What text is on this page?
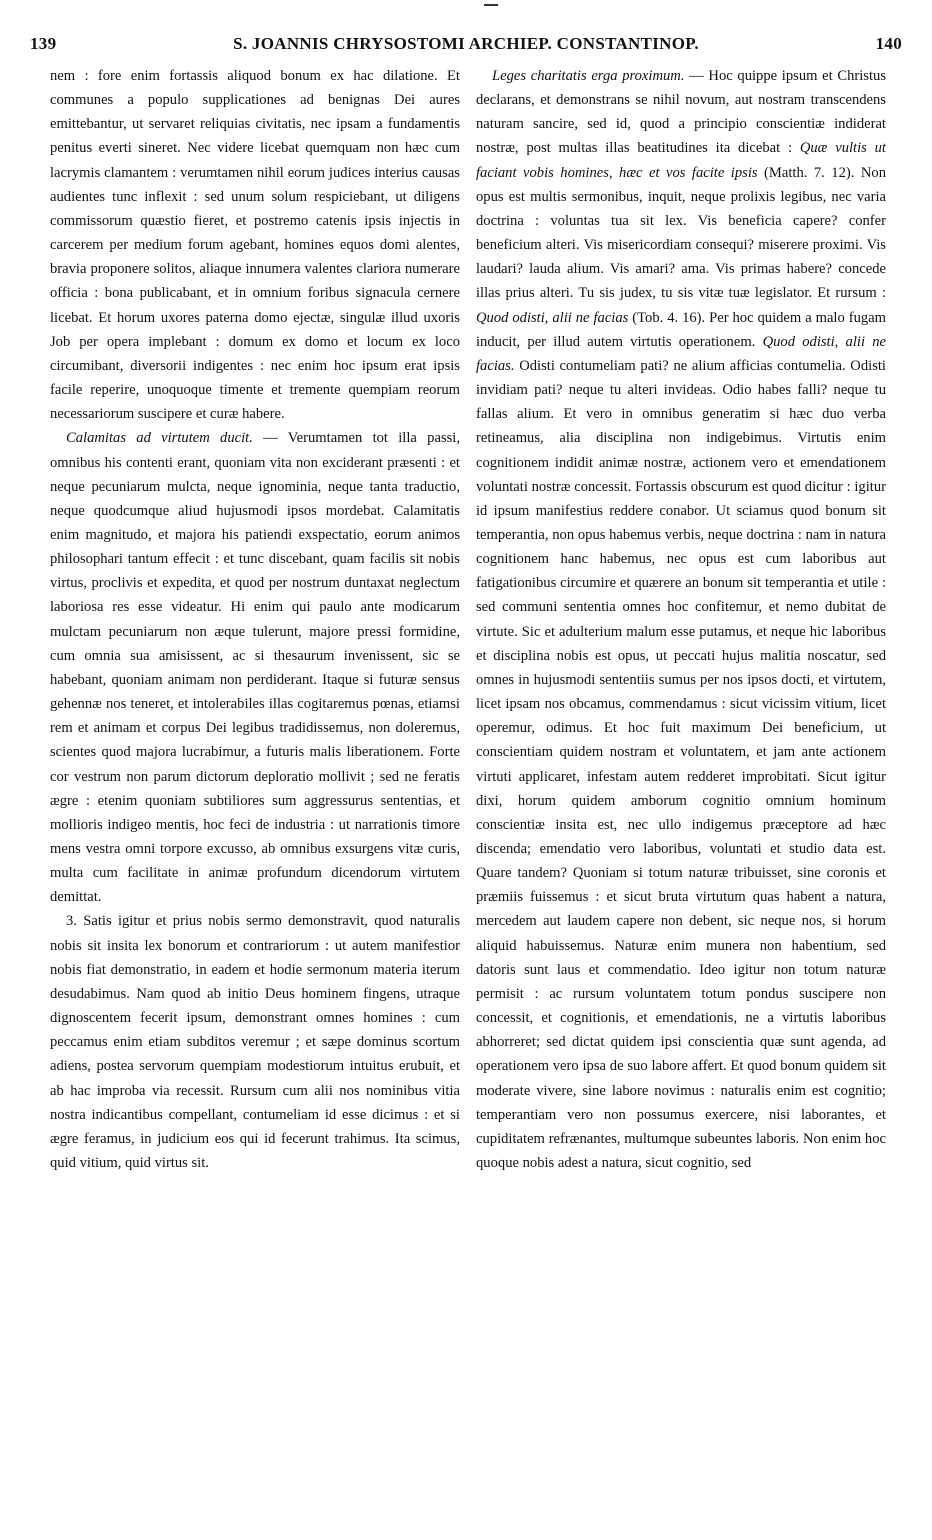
139	S. JOANNIS CHRYSOSTOMI ARCHIEP. CONSTANTINOP.	140

nem : fore enim fortassis aliquod bonum ex hac dilatione. Et communes a populo supplicationes ad benignas Dei aures emittebantur, ut servaret reliquias civitatis, nec ipsam a fundamentis penitus everti sineret. Nec videre licebat quemquam non hæc cum lacrymis clamantem : verumtamen nihil eorum judices interius causas audientes tunc inflexit : sed unum solum respiciebant, ut diligens commissorum quæstio fieret, et postremo catenis ipsis injectis in carcerem per medium forum agebant, homines equos domi alentes, bravia proponere solitos, aliaque innumera valentes clariora numerare officia : bona publicabant, et in omnium foribus signacula cernere licebat. Et horum uxores paterna domo ejectæ, singulæ illud uxoris Job per opera implebant : domum ex domo et locum ex loco circumibant, diversorii indigentes : nec enim hoc ipsum erat ipsis facile reperire, unoquoque timente et tremente quempiam reorum necessariorum suscipere et curæ habere.

Calamitas ad virtutem ducit. — Verumtamen tot illa passi, omnibus his contenti erant, quoniam vita non exciderant præsenti : et neque pecuniarum mulcta, neque ignominia, neque tanta traductio, neque quodcumque aliud hujusmodi ipsos mordebat. Calamitatis enim magnitudo, et majora his patiendi exspectatio, eorum animos philosophari tantum effecit : et tunc discebant, quam facilis sit nobis virtus, proclivis et expedita, et quod per nostrum duntaxat neglectum laboriosa res esse videatur. Hi enim qui paulo ante modicarum mulctam pecuniarum non æque tulerunt, majore pressi formidine, cum omnia sua amisissent, ac si thesaurum invenissent, sic se habebant, quoniam animam non perdiderant. Itaque si futuræ sensus gehennæ nos teneret, et intolerabiles illas cogitaremus pœnas, etiamsi rem et animam et corpus Dei legibus tradidissemus, non doleremus, scientes quod majora lucrabimur, a futuris malis liberationem. Forte cor vestrum non parum dictorum deploratio mollivit ; sed ne feratis ægre : etenim quoniam subtiliores sum aggressurus sententias, et mollioris indigeo mentis, hoc feci de industria : ut narrationis timore mens vestra omni torpore excusso, ab omnibus exsurgens vitæ curis, multa cum facilitate in animæ profundum dicendorum virtutem demittat.

3. Satis igitur et prius nobis sermo demonstravit, quod naturalis nobis sit insita lex bonorum et contrariorum : ut autem manifestior nobis fiat demonstratio, in eadem et hodie sermonum materia iterum desudabimus. Nam quod ab initio Deus hominem fingens, utraque dignoscentem fecerit ipsum, demonstrant omnes homines : cum peccamus enim etiam subditos veremur ; et sæpe dominus scortum adiens, postea servorum quempiam modestiorum intuitus erubuit, et ab hac improba via recessit. Rursum cum alii nos nominibus vitia nostra indicantibus compellant, contumeliam id esse dicimus : et si ægre feramus, in judicium eos qui id fecerunt trahimus. Ita scimus, quid vitium, quid virtus sit.

Leges charitatis erga proximum. — Hoc quippe ipsum et Christus declarans, et demonstrans se nihil novum, aut nostram transcendens naturam sancire, sed id, quod a principio conscientiæ indiderat nostræ, post multas illas beatitudines ita dicebat : Quæ vultis ut faciant vobis homines, hæc et vos facite ipsis (Matth. 7. 12). Non opus est multis sermonibus, inquit, neque prolixis legibus, nec varia doctrina : voluntas tua sit lex. Vis beneficia capere? confer beneficium alteri. Vis misericordiam consequi? miserere proximi. Vis laudari? lauda alium. Vis amari? ama. Vis primas habere? concede illas prius alteri. Tu sis judex, tu sis vitæ tuæ legislator. Et rursum : Quod odisti, alii ne facias (Tob. 4. 16). Per hoc quidem a malo fugam inducit, per illud autem virtutis operationem. Quod odisti, alii ne facias. Odisti contumeliam pati? ne alium afficias contumelia. Odisti invidiam pati? neque tu alteri invideas. Odio habes falli? neque tu fallas alium. Et vero in omnibus generatim si hæc duo verba retineamus, alia disciplina non indigebimus. Virtutis enim cognitionem indidit animæ nostræ, actionem vero et emendationem voluntati nostræ concessit. Fortassis obscurum est quod dicitur : igitur id ipsum manifestius reddere conabor. Ut sciamus quod bonum sit temperantia, non opus habemus verbis, neque doctrina : nam in natura cognitionem hanc habemus, nec opus est cum laboribus aut fatigationibus circumire et quærere an bonum sit temperantia et utile : sed communi sententia omnes hoc confitemur, et nemo dubitat de virtute. Sic et adulterium malum esse putamus, et neque hic laboribus et disciplina nobis est opus, ut peccati hujus malitia noscatur, sed omnes in hujusmodi sententiis sumus per nos ipsos docti, et virtutem, licet ipsam nos obcamus, commendamus : sicut vicissim vitium, licet operemur, odimus. Et hoc fuit maximum Dei beneficium, ut conscientiam quidem nostram et voluntatem, et jam ante actionem virtuti applicaret, infestam autem redderet improbitati. Sicut igitur dixi, horum quidem amborum cognitio omnium hominum conscientiæ insita est, nec ullo indigemus præceptore ad hæc discenda; emendatio vero laboribus, voluntati et studio data est. Quare tandem? Quoniam si totum naturæ tribuisset, sine coronis et præmiis fuissemus : et sicut bruta virtutum quas habent a natura, mercedem aut laudem capere non debent, sic neque nos, si horum aliquid habuissemus. Naturæ enim munera non habentium, sed datoris sunt laus et commendatio. Ideo igitur non totum naturæ permisit : ac rursum voluntatem totum pondus suscipere non concessit, et cognitionis, et emendationis, ne a virtutis laboribus abhorreret; sed dictat quidem ipsi conscientia quæ sunt agenda, ad operationem vero ipsa de suo labore affert. Et quod bonum quidem sit moderate vivere, sine labore novimus : naturalis enim est cognitio; temperantiam vero non possumus exercere, nisi laborantes, et cupiditatem refrænantes, multumque subeuntes laboris. Non enim hoc quoque nobis adest a natura, sicut cognitio, sed
